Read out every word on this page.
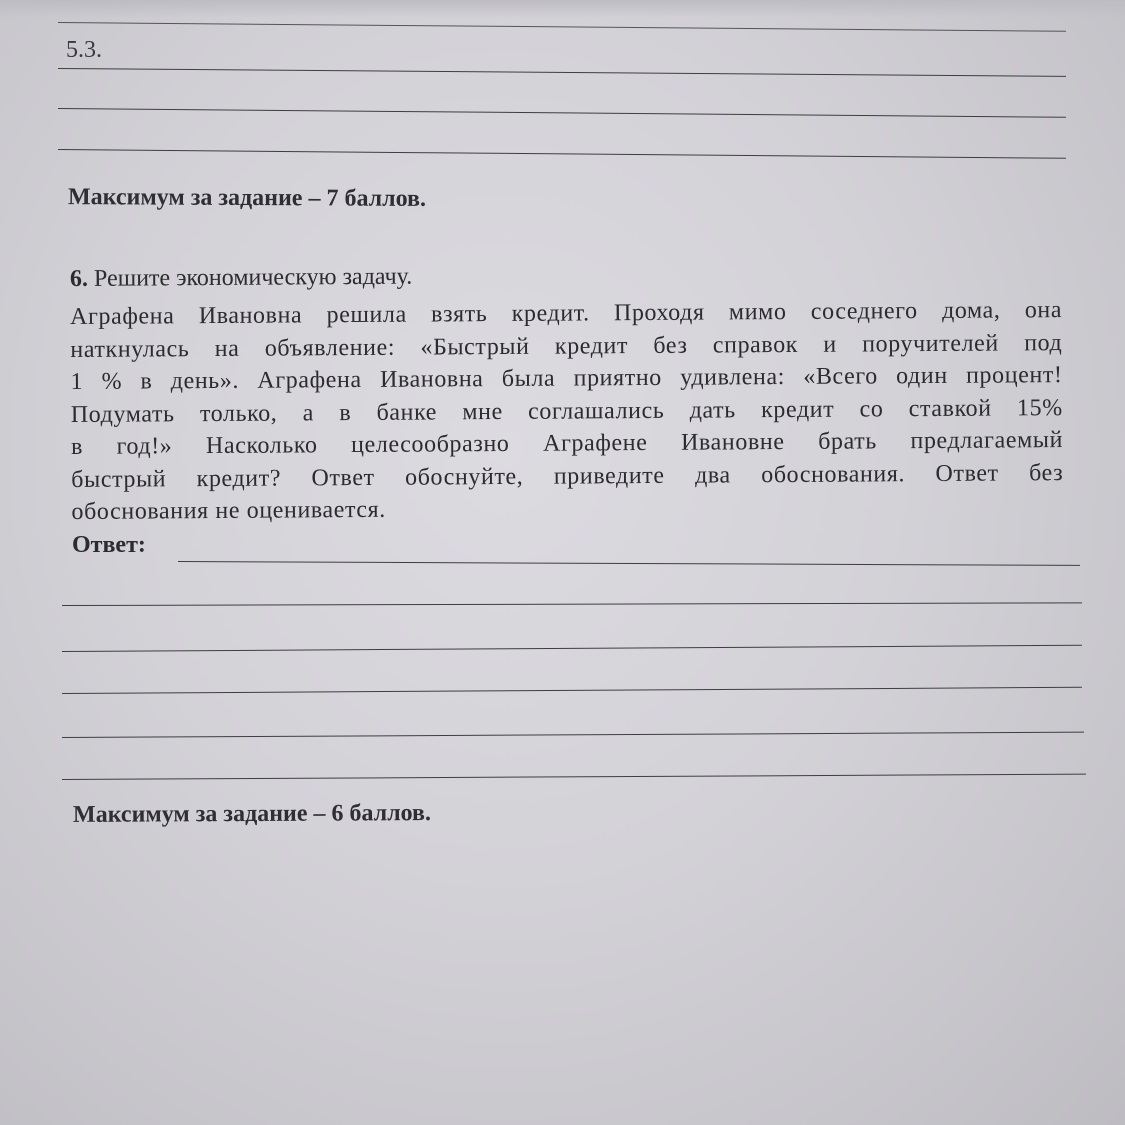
5.3.

Максимум за задание – 7 баллов.

6. Решите экономическую задачу.

Аграфена Ивановна решила взять кредит. Проходя мимо соседнего дома, она
наткнулась на объявление: «Быстрый кредит без справок и поручителей под
1 % в день». Аграфена Ивановна была приятно удивлена: «Всего один процент!
Подумать только, а в банке мне соглашались дать кредит со ставкой 15%
в год!» Насколько целесообразно Аграфене Ивановне брать предлагаемый
быстрый кредит? Ответ обоснуйте, приведите два обоснования. Ответ без
обоснования не оценивается.

Ответ:

Максимум за задание – 6 баллов.
